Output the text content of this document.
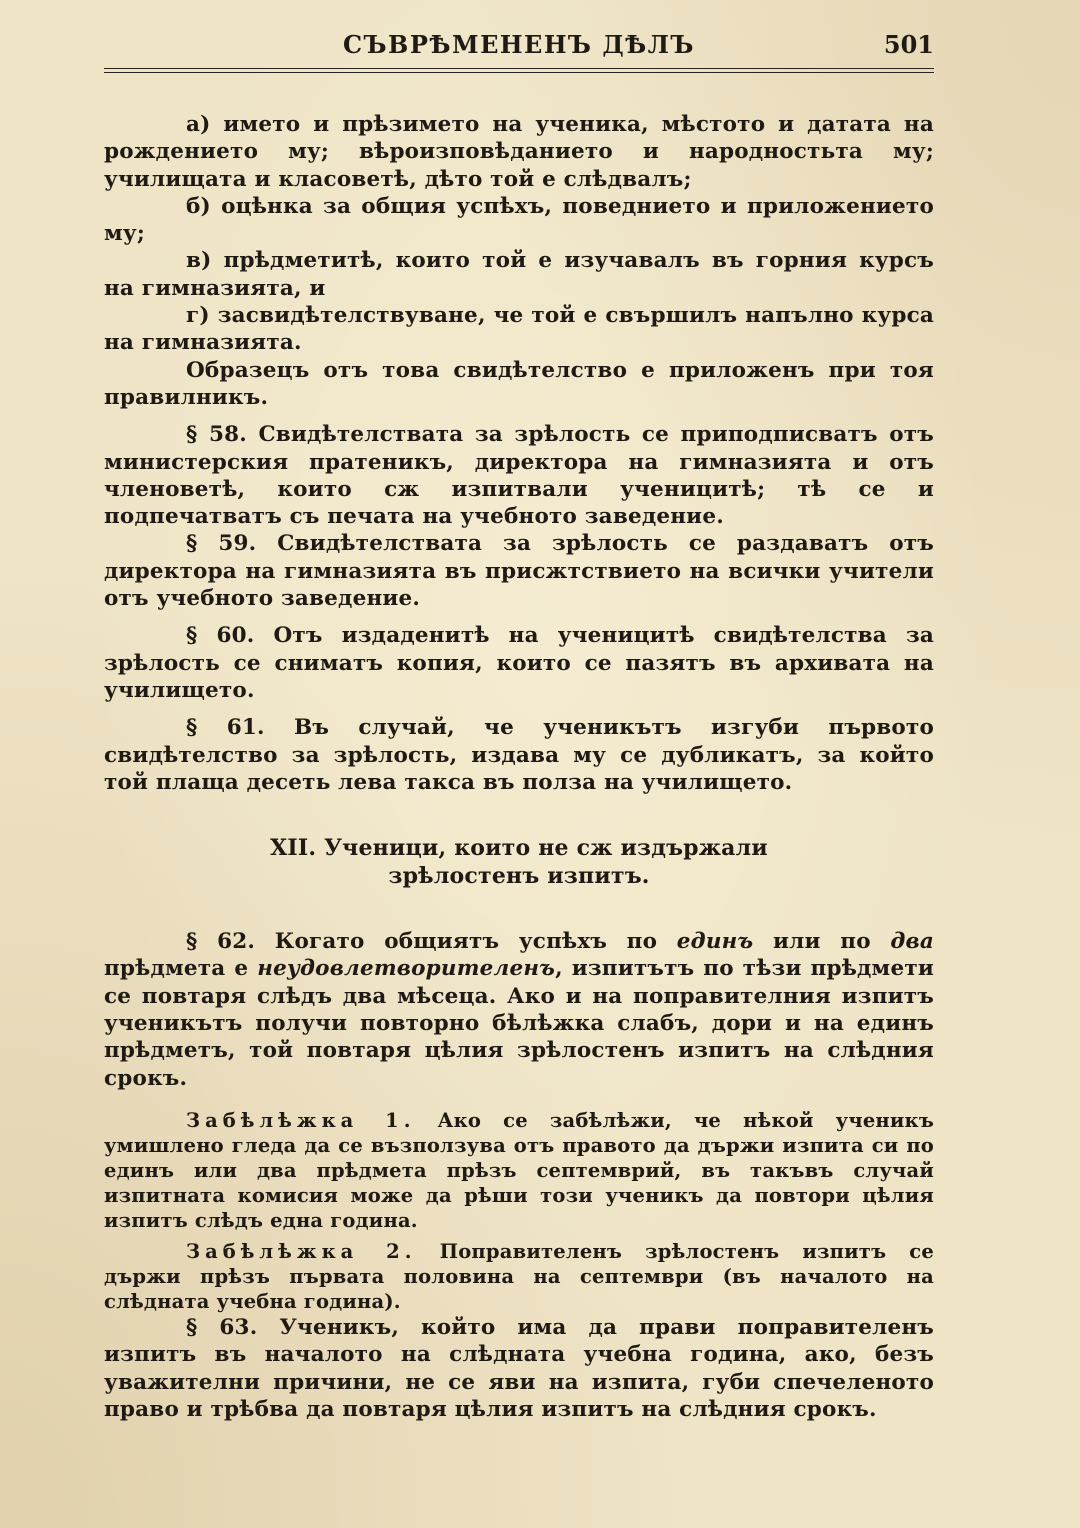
СЪВРѢМЕНЕНЪ ДѢЛЪ	501

а) името и прѣзимето на ученика, мѣстото и датата на рождението му; вѣроизповѣданието и народностьта му; училищата и класоветѣ, дѣто той е слѣдвалъ;

б) оцѣнка за общия успѣхъ, поведнието и приложението му;

в) прѣдметитѣ, които той е изучавалъ въ горния курсъ на гимназията, и

г) засвидѣтелствуване, че той е свършилъ напълно курса на гимназията.

Образецъ отъ това свидѣтелство е приложенъ при тоя правилникъ.

§ 58. Свидѣтелствата за зрѣлость се приподписватъ отъ министерския пратеникъ, директора на гимназията и отъ членоветѣ, които сж изпитвали ученицитѣ; тѣ се и подпечатватъ съ печата на учебното заведение.

§ 59. Свидѣтелствата за зрѣлость се раздаватъ отъ директора на гимназията въ присжтствието на всички учители отъ учебното заведение.

§ 60. Отъ издаденитѣ на ученицитѣ свидѣтелства за зрѣлость се сниматъ копия, които се пазятъ въ архивата на училището.

§ 61. Въ случай, че ученикътъ изгуби първото свидѣтелство за зрѣлость, издава му се дубликатъ, за който той плаща десеть лева такса въ полза на училището.

XII. Ученици, които не сж издържали
зрѣлостенъ изпитъ.

§ 62. Когато общиятъ успѣхъ по единъ или по два прѣдмета е неудовлетворителенъ, изпитътъ по тѣзи прѣдмети се повтаря слѣдъ два мѣсеца. Ако и на поправителния изпитъ ученикътъ получи повторно бѣлѣжка слабъ, дори и на единъ прѣдметъ, той повтаря цѣлия зрѣлостенъ изпитъ на слѣдния срокъ.

Забѣлѣжка 1. Ако се забѣлѣжи, че нѣкой ученикъ умишлено гледа да се възползува отъ правото да държи изпита си по единъ или два прѣдмета прѣзъ септемврий, въ такъвъ случай изпитната комисия може да рѣши този ученикъ да повтори цѣлия изпитъ слѣдъ една година.

Забѣлѣжка 2. Поправителенъ зрѣлостенъ изпитъ се държи прѣзъ първата половина на септември (въ началото на слѣдната учебна година).

§ 63. Ученикъ, който има да прави поправителенъ изпитъ въ началото на слѣдната учебна година, ако, безъ уважителни причини, не се яви на изпита, губи спечеленото право и трѣбва да повтаря цѣлия изпитъ на слѣдния срокъ.
